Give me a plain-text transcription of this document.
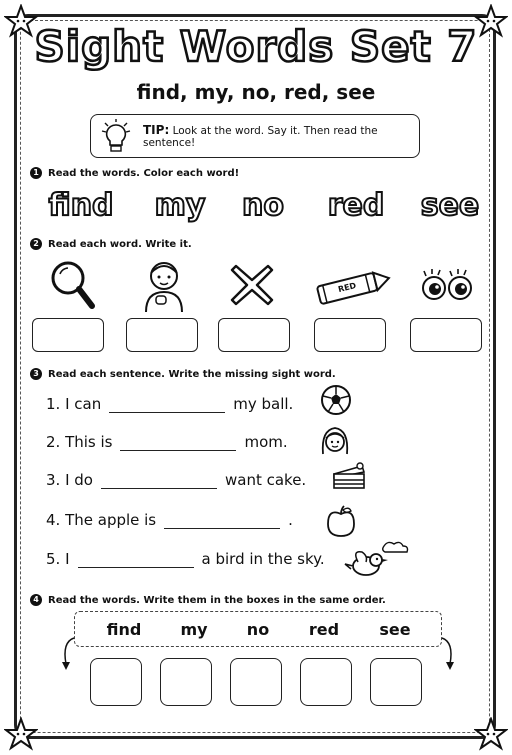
Sight Words Set 7
find, my, no, red, see
TIP: Look at the word. Say it. Then read the
sentence!
1 Read the words. Color each word!
find my no red see
2 Read each word. Write it.
RED
3 Read each sentence. Write the missing sight word.
1. I can	my ball.
2. This is	mom.
3. I do	want cake.
4. The apple is	.
5. I	a bird in the sky.
4 Read the words. Write them in the boxes in the same order.
find	my	no	red	see
